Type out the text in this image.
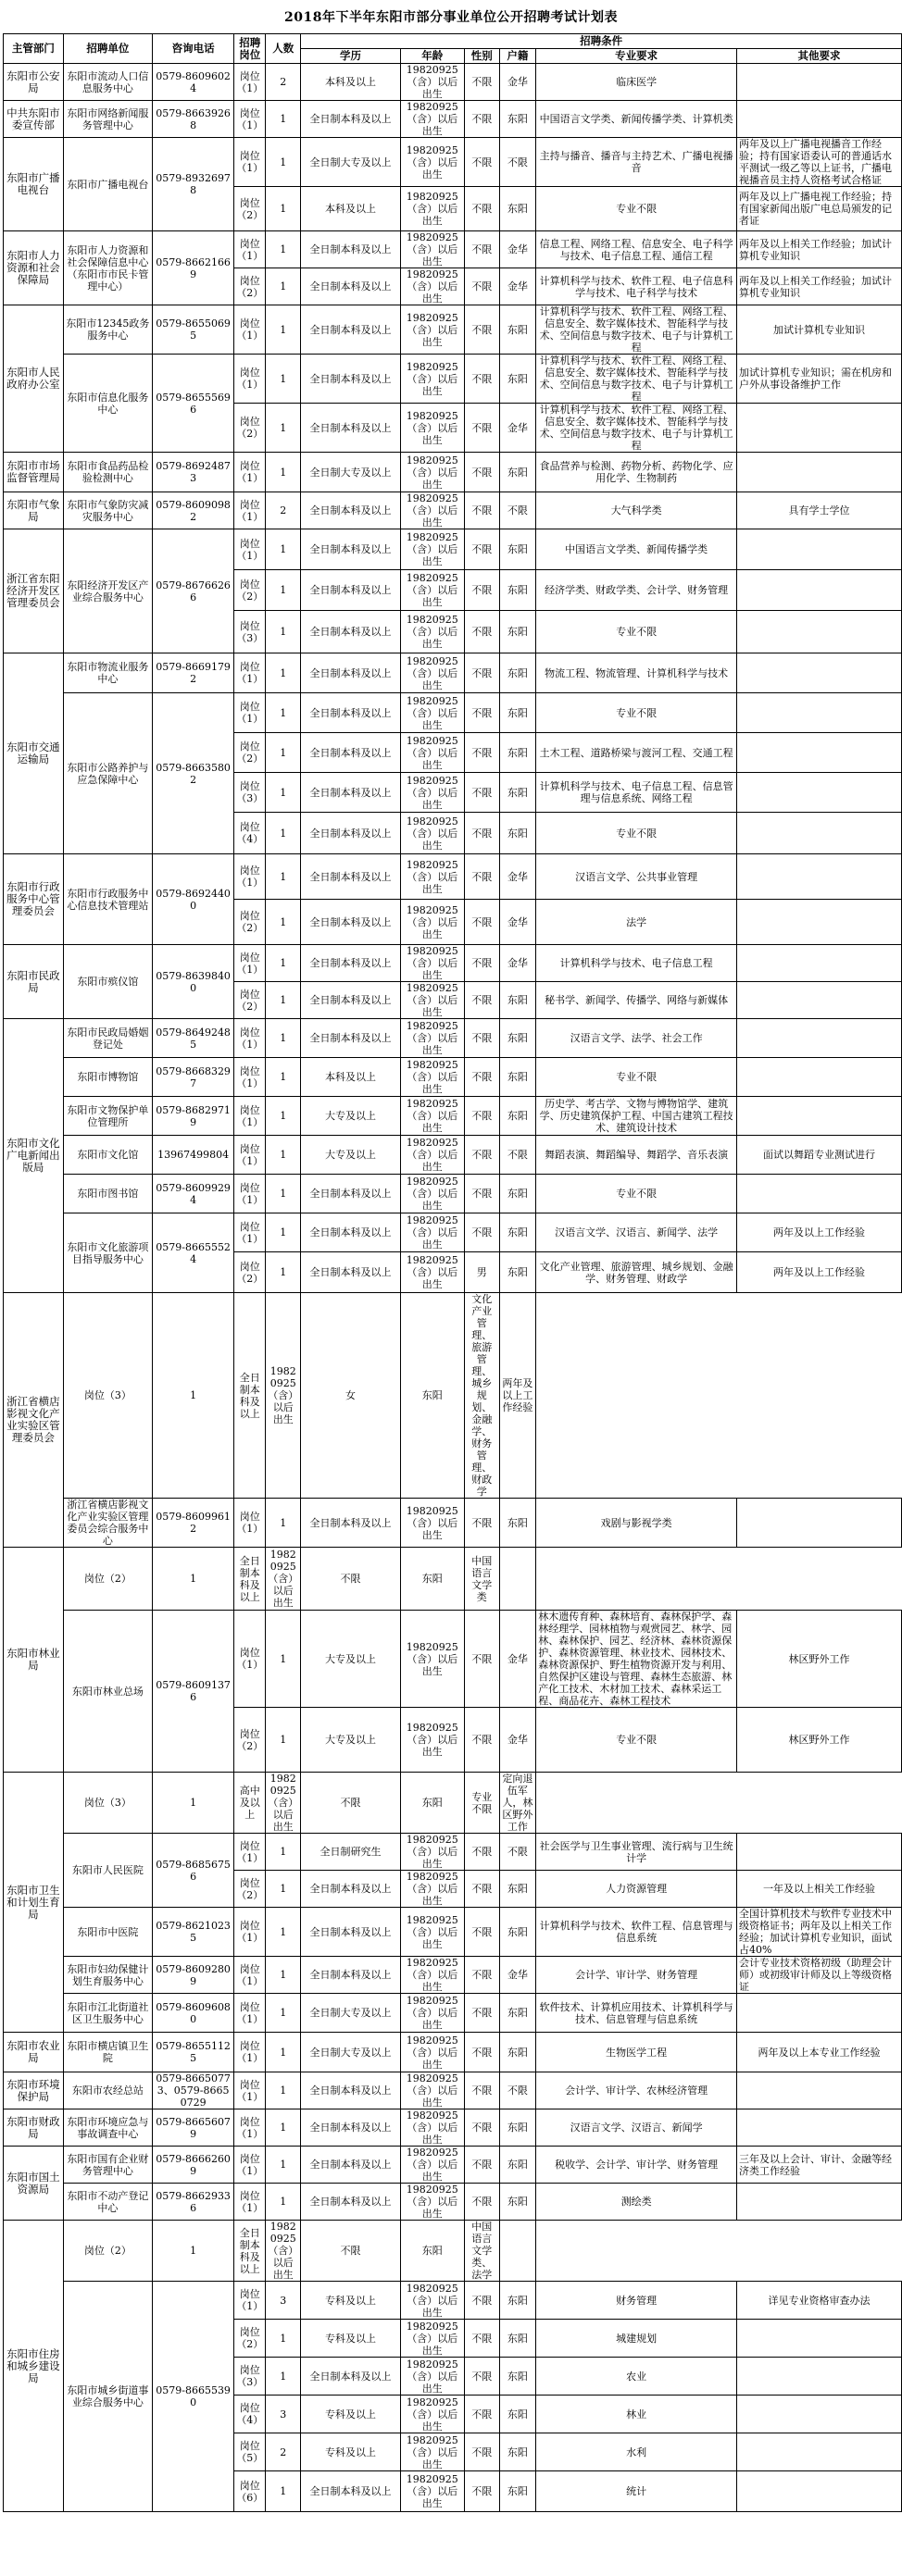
2018年下半年东阳市部分事业单位公开招聘考试计划表
主管部门	招聘单位	咨询电话	招聘岗位	人数	招聘条件					
					学历	年龄	性别	户籍	专业要求	其他要求
东阳市公安局	东阳市流动人口信息服务中心	0579-86096024	岗位（1）	2	本科及以上	19820925
（含）以后
出生	不限	金华	临床医学	
中共东阳市委宣传部	东阳市网络新闻服务管理中心	0579-86639268	岗位（1）	1	全日制本科及以上	19820925
（含）以后
出生	不限	东阳	中国语言文学类、新闻传播学类、计算机类	
东阳市广播电视台	东阳市广播电视台	0579-89326978	岗位（1）	1	全日制大专及以上	19820925
（含）以后
出生	不限	不限	主持与播音、播音与主持艺术、广播电视播音	两年及以上广播电视播音工作经验；持有国家语委认可的普通话水平测试一级乙等以上证书，广播电视播音员主持人资格考试合格证
			岗位（2）	1	本科及以上	19820925
（含）以后
出生	不限	东阳	专业不限	两年及以上广播电视工作经验；持有国家新闻出版广电总局颁发的记者证
东阳市人力资源和社会保障局	东阳市人力资源和社会保障信息中心（东阳市市民卡管理中心）	0579-86621669	岗位（1）	1	全日制本科及以上	19820925
（含）以后
出生	不限	金华	信息工程、网络工程、信息安全、电子科学与技术、电子信息工程、通信工程	两年及以上相关工作经验；加试计算机专业知识
			岗位（2）	1	全日制本科及以上	19820925
（含）以后
出生	不限	金华	计算机科学与技术、软件工程、电子信息科学与技术、电子科学与技术	两年及以上相关工作经验；加试计算机专业知识
东阳市人民政府办公室	东阳市12345政务服务中心	0579-86550695	岗位（1）	1	全日制本科及以上	19820925
（含）以后
出生	不限	东阳	计算机科学与技术、软件工程、网络工程、信息安全、数字媒体技术、智能科学与技术、空间信息与数字技术、电子与计算机工程	加试计算机专业知识
	东阳市信息化服务中心	0579-86555696	岗位（1）	1	全日制本科及以上	19820925
（含）以后
出生	不限	东阳	计算机科学与技术、软件工程、网络工程、信息安全、数字媒体技术、智能科学与技术、空间信息与数字技术、电子与计算机工程	加试计算机专业知识；需在机房和户外从事设备维护工作
			岗位（2）	1	全日制本科及以上	19820925
（含）以后
出生	不限	金华	计算机科学与技术、软件工程、网络工程、信息安全、数字媒体技术、智能科学与技术、空间信息与数字技术、电子与计算机工程	
东阳市市场监督管理局	东阳市食品药品检验检测中心	0579-86924873	岗位（1）	1	全日制大专及以上	19820925
（含）以后
出生	不限	东阳	食品营养与检测、药物分析、药物化学、应用化学、生物制药	
东阳市气象局	东阳市气象防灾减灾服务中心	0579-86090982	岗位（1）	2	全日制本科及以上	19820925
（含）以后
出生	不限	不限	大气科学类	具有学士学位
浙江省东阳经济开发区管理委员会	东阳经济开发区产业综合服务中心	0579-86766266	岗位（1）	1	全日制本科及以上	19820925
（含）以后
出生	不限	东阳	中国语言文学类、新闻传播学类	
			岗位（2）	1	全日制本科及以上	19820925
（含）以后
出生	不限	东阳	经济学类、财政学类、会计学、财务管理	
			岗位（3）	1	全日制本科及以上	19820925
（含）以后
出生	不限	东阳	专业不限	
东阳市交通运输局	东阳市物流业服务中心	0579-86691792	岗位（1）	1	全日制本科及以上	19820925
（含）以后
出生	不限	东阳	物流工程、物流管理、计算机科学与技术	
	东阳市公路养护与应急保障中心	0579-86635802	岗位（1）	1	全日制本科及以上	19820925
（含）以后
出生	不限	东阳	专业不限	
			岗位（2）	1	全日制本科及以上	19820925
（含）以后
出生	不限	东阳	土木工程、道路桥梁与渡河工程、交通工程	
			岗位（3）	1	全日制本科及以上	19820925
（含）以后
出生	不限	东阳	计算机科学与技术、电子信息工程、信息管理与信息系统、网络工程	
			岗位（4）	1	全日制本科及以上	19820925
（含）以后
出生	不限	东阳	专业不限	
东阳市行政服务中心管理委员会	东阳市行政服务中心信息技术管理站	0579-86924400	岗位（1）	1	全日制本科及以上	19820925
（含）以后
出生	不限	金华	汉语言文学、公共事业管理	
			岗位（2）	1	全日制本科及以上	19820925
（含）以后
出生	不限	金华	法学	
东阳市民政局	东阳市殡仪馆	0579-86398400	岗位（1）	1	全日制本科及以上	19820925
（含）以后
出生	不限	金华	计算机科学与技术、电子信息工程	
			岗位（2）	1	全日制本科及以上	19820925
（含）以后
出生	不限	东阳	秘书学、新闻学、传播学、网络与新媒体	
东阳市文化广电新闻出版局	东阳市民政局婚姻登记处	0579-86492485	岗位（1）	1	全日制本科及以上	19820925
（含）以后
出生	不限	东阳	汉语言文学、法学、社会工作	
	东阳市博物馆	0579-86683297	岗位（1）	1	本科及以上	19820925
（含）以后
出生	不限	东阳	专业不限	
	东阳市文物保护单位管理所	0579-86829719	岗位（1）	1	大专及以上	19820925
（含）以后
出生	不限	东阳	历史学、考古学、文物与博物馆学、建筑学、历史建筑保护工程、中国古建筑工程技术、建筑设计技术	
	东阳市文化馆	13967499804	岗位（1）	1	大专及以上	19820925
（含）以后
出生	不限	不限	舞蹈表演、舞蹈编导、舞蹈学、音乐表演	面试以舞蹈专业测试进行
	东阳市图书馆	0579-86099294	岗位（1）	1	全日制本科及以上	19820925
（含）以后
出生	不限	东阳	专业不限	
	东阳市文化旅游项目指导服务中心	0579-86655524	岗位（1）	1	全日制本科及以上	19820925
（含）以后
出生	不限	东阳	汉语言文学、汉语言、新闻学、法学	两年及以上工作经验
			岗位（2）	1	全日制本科及以上	19820925
（含）以后
出生	男	东阳	文化产业管理、旅游管理、城乡规划、金融学、财务管理、财政学	两年及以上工作经验
浙江省横店影视文化产业实验区管理委员会	岗位（3）	1	全日制本科及以上	19820925
（含）以后
出生	女	东阳	文化产业管理、旅游管理、城乡规划、金融学、财务管理、财政学	两年及以上工作经验		
	浙江省横店影视文化产业实验区管理委员会综合服务中心	0579-86099612	岗位（1）	1	全日制本科及以上	19820925
（含）以后
出生	不限	东阳	戏剧与影视学类	
东阳市林业局	岗位（2）	1	全日制本科及以上	19820925
（含）以后
出生	不限	东阳	中国语言文学类			
	东阳市林业总场	0579-86091376	岗位（1）	1	大专及以上	19820925
（含）以后
出生	不限	金华	林木遗传育种、森林培育、森林保护学、森林经理学、园林植物与观赏园艺、林学、园林、森林保护、园艺、经济林、森林资源保护、森林资源管理、林业技术、园林技术、森林资源保护、野生植物资源开发与利用、自然保护区建设与管理、森林生态旅游、林产化工技术、木材加工技术、森林采运工程、商品花卉、森林工程技术	林区野外工作
			岗位（2）	1	大专及以上	19820925
（含）以后
出生	不限	金华	专业不限	林区野外工作
东阳市卫生和计划生育局	岗位（3）	1	高中及以上	19820925
（含）以后
出生	不限	东阳	专业不限	定向退伍军人，林区野外工作		
	东阳市人民医院	0579-86856756	岗位（1）	1	全日制研究生	19820925
（含）以后
出生	不限	不限	社会医学与卫生事业管理、流行病与卫生统计学	
			岗位（2）	1	全日制本科及以上	19820925
（含）以后
出生	不限	东阳	人力资源管理	一年及以上相关工作经验
	东阳市中医院	0579-86210235	岗位（1）	1	全日制本科及以上	19820925
（含）以后
出生	不限	东阳	计算机科学与技术、软件工程、信息管理与信息系统	全国计算机技术与软件专业技术中级资格证书；两年及以上相关工作经验；加试计算机专业知识，面试占40%
	东阳市妇幼保健计划生育服务中心	0579-86092809	岗位（1）	1	全日制本科及以上	19820925
（含）以后
出生	不限	金华	会计学、审计学、财务管理	会计专业技术资格初级（助理会计师）或初级审计师及以上等级资格证
	东阳市江北街道社区卫生服务中心	0579-86096080	岗位（1）	1	全日制大专及以上	19820925
（含）以后
出生	不限	东阳	软件技术、计算机应用技术、计算机科学与技术、信息管理与信息系统	
东阳市农业局	东阳市横店镇卫生院	0579-86551125	岗位（1）	1	全日制大专及以上	19820925
（含）以后
出生	不限	东阳	生物医学工程	两年及以上本专业工作经验
东阳市环境保护局	东阳市农经总站	0579-86650773、0579-86650729	岗位（1）	1	全日制本科及以上	19820925
（含）以后
出生	不限	不限	会计学、审计学、农林经济管理	
东阳市财政局	东阳市环境应急与事故调查中心	0579-86656079	岗位（1）	1	全日制本科及以上	19820925
（含）以后
出生	不限	东阳	汉语言文学、汉语言、新闻学	
东阳市国土资源局	东阳市国有企业财务管理中心	0579-86662609	岗位（1）	1	全日制本科及以上	19820925
（含）以后
出生	不限	东阳	税收学、会计学、审计学、财务管理	三年及以上会计、审计、金融等经济类工作经验
	东阳市不动产登记中心	0579-86629336	岗位（1）	1	全日制本科及以上	19820925
（含）以后
出生	不限	东阳	测绘类	
东阳市住房和城乡建设局	岗位（2）	1	全日制本科及以上	19820925
（含）以后
出生	不限	东阳	中国语言文学类、法学			
	东阳市城乡街道事业综合服务中心	0579-86655390	岗位（1）	3	专科及以上	19820925
（含）以后
出生	不限	东阳	财务管理	详见专业资格审查办法
			岗位（2）	1	专科及以上	19820925
（含）以后
出生	不限	东阳	城建规划	
			岗位（3）	1	全日制本科及以上	19820925
（含）以后
出生	不限	东阳	农业	
			岗位（4）	3	专科及以上	19820925
（含）以后
出生	不限	东阳	林业	
			岗位（5）	2	专科及以上	19820925
（含）以后
出生	不限	东阳	水利	
			岗位（6）	1	全日制本科及以上	19820925
（含）以后
出生	不限	东阳	统计	
